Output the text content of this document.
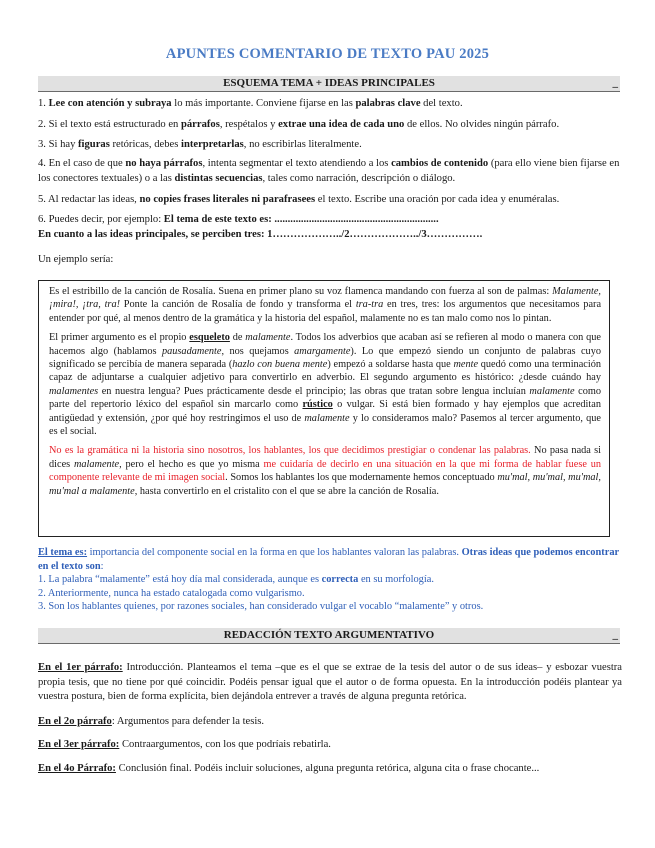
APUNTES COMENTARIO DE TEXTO PAU 2025
ESQUEMA TEMA + IDEAS PRINCIPALES	_

1. Lee con atención y subraya lo más importante. Conviene fijarse en las palabras clave del texto.

2. Si el texto está estructurado en párrafos, respétalos y extrae una idea de cada uno de ellos. No olvides ningún párrafo.

3. Si hay figuras retóricas, debes interpretarlas, no escribirlas literalmente.

4. En el caso de que no haya párrafos, intenta segmentar el texto atendiendo a los cambios de contenido (para ello viene bien fijarse en los conectores textuales) o a las distintas secuencias, tales como narración, descripción o diálogo.

5. Al redactar las ideas, no copies frases literales ni parafrasees el texto. Escribe una oración por cada idea y enuméralas.

6. Puedes decir, por ejemplo: El tema de este texto es: ..............................................................
En cuanto a las ideas principales, se perciben tres: 1………………../2………………../3…………….

Un ejemplo sería:

Es el estribillo de la canción de Rosalía. Suena en primer plano su voz flamenca mandando con fuerza al son de palmas: Malamente, ¡mira!, ¡tra, tra! Ponte la canción de Rosalía de fondo y transforma el tra-tra en tres, tres: los argumentos que necesitamos para entender por qué, al menos dentro de la gramática y la historia del español, malamente no es tan malo como nos lo pintan.

El primer argumento es el propio esqueleto de malamente. Todos los adverbios que acaban así se refieren al modo o manera con que hacemos algo (hablamos pausadamente, nos quejamos amargamente). Lo que empezó siendo un conjunto de palabras cuyo significado se percibía de manera separada (hazlo con buena mente) empezó a soldarse hasta que mente quedó como una terminación capaz de adjuntarse a cualquier adjetivo para convertirlo en adverbio. El segundo argumento es histórico: ¿desde cuándo hay malamentes en nuestra lengua? Pues prácticamente desde el principio; las obras que tratan sobre lengua incluían malamente como parte del repertorio léxico del español sin marcarlo como rústico o vulgar. Si está bien formado y hay ejemplos que acreditan antigüedad y extensión, ¿por qué hoy restringimos el uso de malamente y lo consideramos malo? Pasemos al tercer argumento, que es el social.

No es la gramática ni la historia sino nosotros, los hablantes, los que decidimos prestigiar o condenar las palabras. No pasa nada si dices malamente, pero el hecho es que yo misma me cuidaría de decirlo en una situación en la que mi forma de hablar fuese un componente relevante de mi imagen social. Somos los hablantes los que modernamente hemos conceptuado mu'mal, mu'mal, mu'mal, mu'mal a malamente, hasta convertirlo en el cristalito con el que se abre la canción de Rosalía.

El tema es: importancia del componente social en la forma en que los hablantes valoran las palabras. Otras ideas que podemos encontrar en el texto son:

1. La palabra “malamente” está hoy día mal considerada, aunque es correcta en su morfología.

2. Anteriormente, nunca ha estado catalogada como vulgarismo.

3. Son los hablantes quienes, por razones sociales, han considerado vulgar el vocablo “malamente” y otros.

REDACCIÓN TEXTO ARGUMENTATIVO	_

En el 1er párrafo: Introducción. Planteamos el tema –que es el que se extrae de la tesis del autor o de sus ideas– y esbozar vuestra propia tesis, que no tiene por qué coincidir. Podéis pensar igual que el autor o de forma opuesta. En la introducción podéis plantear ya vuestra postura, bien de forma explícita, bien dejándola entrever a través de alguna pregunta retórica.

En el 2o párrafo: Argumentos para defender la tesis.

En el 3er párrafo: Contraargumentos, con los que podríais rebatirla.

En el 4o Párrafo: Conclusión final. Podéis incluir soluciones, alguna pregunta retórica, alguna cita o frase chocante...
